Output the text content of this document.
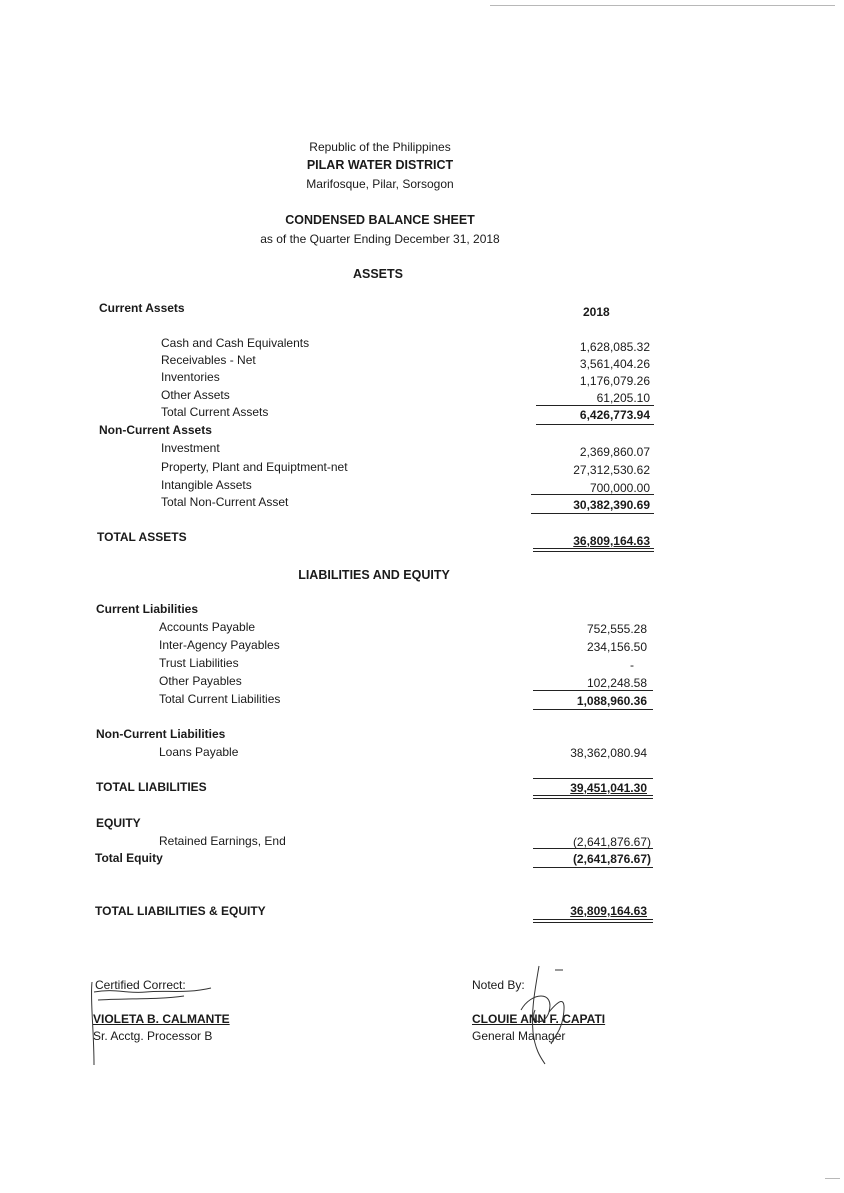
Republic of the Philippines
PILAR WATER DISTRICT
Marifosque, Pilar, Sorsogon
CONDENSED BALANCE SHEET
as of the Quarter Ending December 31, 2018
ASSETS
Current Assets	2018
Cash and Cash Equivalents	1,628,085.32
Receivables - Net	3,561,404.26
Inventories	1,176,079.26
Other Assets	61,205.10
Total Current Assets	6,426,773.94
Non-Current Assets
Investment	2,369,860.07
Property, Plant and Equiptment-net	27,312,530.62
Intangible Assets	700,000.00
Total Non-Current Asset	30,382,390.69
TOTAL ASSETS	36,809,164.63
LIABILITIES AND EQUITY
Current Liabilities
Accounts Payable	752,555.28
Inter-Agency Payables	234,156.50
Trust Liabilities	-
Other Payables	102,248.58
Total Current Liabilities	1,088,960.36
Non-Current Liabilities
Loans Payable	38,362,080.94
TOTAL LIABILITIES	39,451,041.30
EQUITY
Retained Earnings, End	(2,641,876.67)
Total Equity	(2,641,876.67)
TOTAL LIABILITIES & EQUITY	36,809,164.63
Certified Correct:
VIOLETA B. CALMANTE
Sr. Acctg. Processor B
Noted By:
CLOUIE ANN F. CAPATI
General Manager
